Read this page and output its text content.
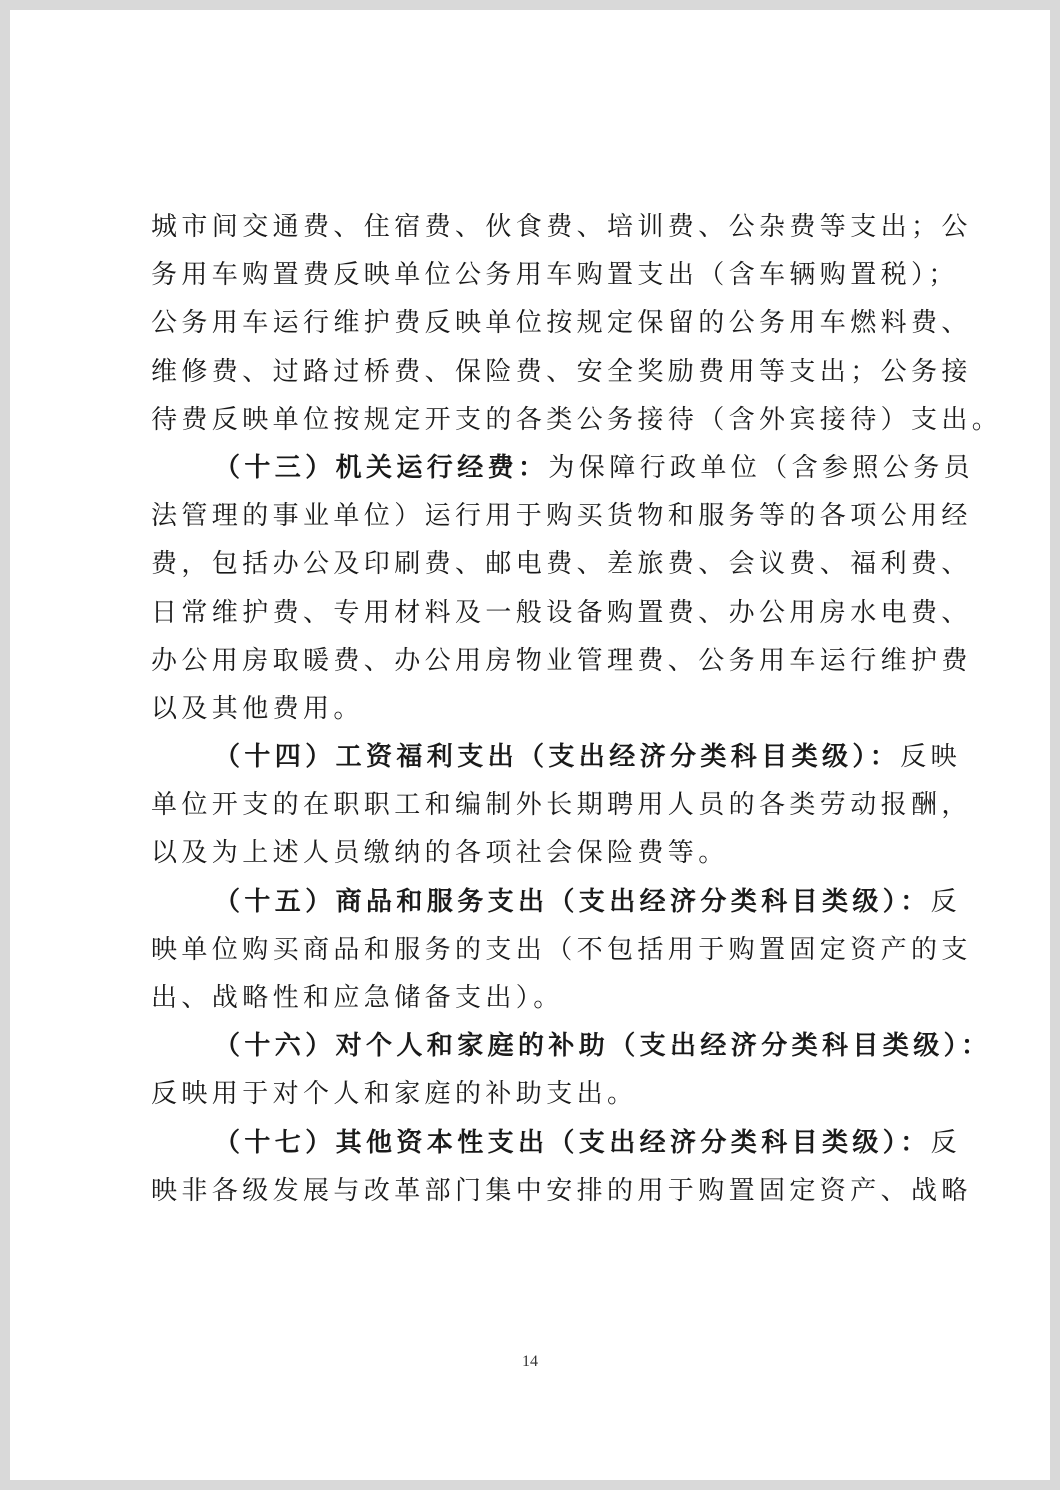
城市间交通费、住宿费、伙食费、培训费、公杂费等支出；公
务用车购置费反映单位公务用车购置支出（含车辆购置税）；
公务用车运行维护费反映单位按规定保留的公务用车燃料费、
维修费、过路过桥费、保险费、安全奖励费用等支出；公务接
待费反映单位按规定开支的各类公务接待（含外宾接待）支出。
（十三）机关运行经费：为保障行政单位（含参照公务员
法管理的事业单位）运行用于购买货物和服务等的各项公用经
费，包括办公及印刷费、邮电费、差旅费、会议费、福利费、
日常维护费、专用材料及一般设备购置费、办公用房水电费、
办公用房取暖费、办公用房物业管理费、公务用车运行维护费
以及其他费用。
（十四）工资福利支出（支出经济分类科目类级）：反映
单位开支的在职职工和编制外长期聘用人员的各类劳动报酬，
以及为上述人员缴纳的各项社会保险费等。
（十五）商品和服务支出（支出经济分类科目类级）：反
映单位购买商品和服务的支出（不包括用于购置固定资产的支
出、战略性和应急储备支出）。
（十六）对个人和家庭的补助（支出经济分类科目类级）：
反映用于对个人和家庭的补助支出。
（十七）其他资本性支出（支出经济分类科目类级）：反
映非各级发展与改革部门集中安排的用于购置固定资产、战略
14
